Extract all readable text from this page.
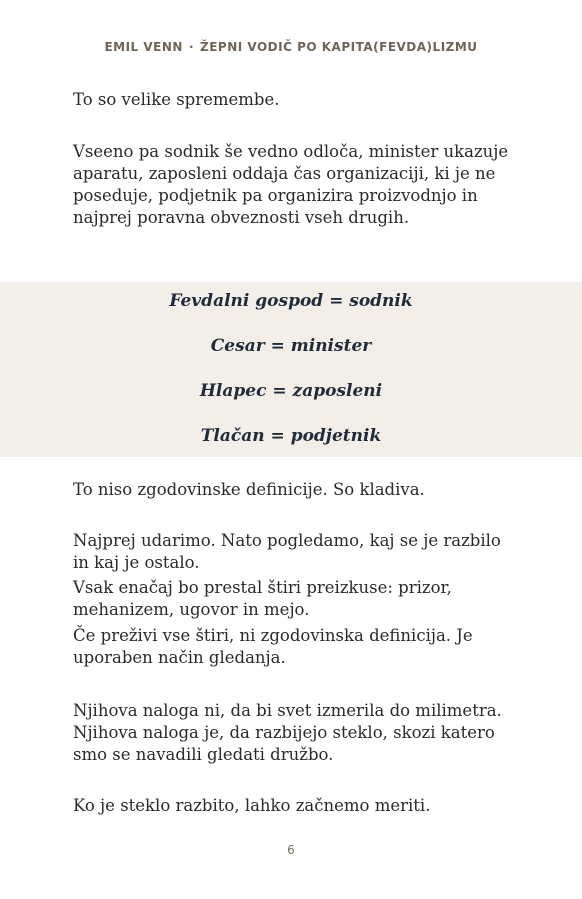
EMIL VENN · ŽEPNI VODIČ PO KAPITA(FEVDA)LIZMU

To so velike spremembe.

Vseeno pa sodnik še vedno odloča, minister ukazuje aparatu, zaposleni oddaja čas organizaciji, ki je ne poseduje, podjetnik pa organizira proizvodnjo in najprej poravna obveznosti vseh drugih.

Fevdalni gospod = sodnik
Cesar = minister
Hlapec = zaposleni
Tlačan = podjetnik

To niso zgodovinske definicije. So kladiva.

Najprej udarimo. Nato pogledamo, kaj se je razbilo in kaj je ostalo.

Vsak enačaj bo prestal štiri preizkuse: prizor, mehanizem, ugovor in mejo.

Če preživi vse štiri, ni zgodovinska definicija. Je uporaben način gledanja.

Njihova naloga ni, da bi svet izmerila do milimetra. Njihova naloga je, da razbijejo steklo, skozi katero smo se navadili gledati družbo.

Ko je steklo razbito, lahko začnemo meriti.

6
